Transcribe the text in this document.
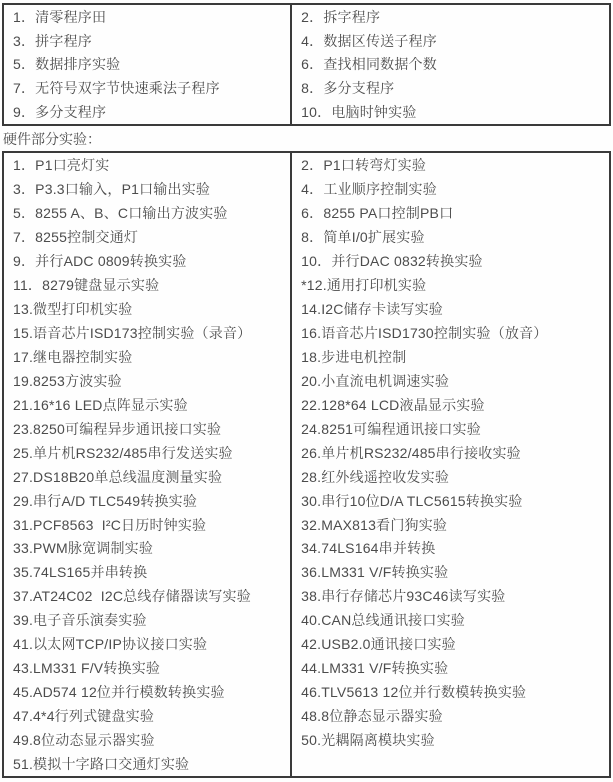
1．清零程序田	2．拆字程序
3．拼字程序	4．数据区传送子程序
5．数据排序实验	6．查找相同数据个数
7．无符号双字节快速乘法子程序	8．多分支程序
9．多分支程序	10．电脑时钟实验
硬件部分实验：
1．P1口亮灯实	2．P1口转弯灯实验
3．P3.3口输入，P1口输出实验	4．工业顺序控制实验
5．8255 A、B、C口输出方波实验	6．8255 PA口控制PB口
7．8255控制交通灯	8．简单I/0扩展实验
9．并行ADC 0809转换实验	10．并行DAC 0832转换实验
11．8279键盘显示实验	*12.通用打印机实验
13.微型打印机实验	14.I2C储存卡读写实验
15.语音芯片ISD173控制实验（录音）	16.语音芯片ISD1730控制实验（放音）
17.继电器控制实验	18.步进电机控制
19.8253方波实验	20.小直流电机调速实验
21.16*16 LED点阵显示实验	22.128*64 LCD液晶显示实验
23.8250可编程异步通讯接口实验	24.8251可编程通讯接口实验
25.单片机RS232/485串行发送实验	26.单片机RS232/485串行接收实验
27.DS18B20单总线温度测量实验	28.红外线遥控收发实验
29.串行A/D TLC549转换实验	30.串行10位D/A TLC5615转换实验
31.PCF8563  I²C日历时钟实验	32.MAX813看门狗实验
33.PWM脉宽调制实验	34.74LS164串并转换
35.74LS165并串转换	36.LM331 V/F转换实验
37.AT24C02  I2C总线存储器读写实验	38.串行存储芯片93C46读写实验
39.电子音乐演奏实验	40.CAN总线通讯接口实验
41.以太网TCP/IP协议接口实验	42.USB2.0通讯接口实验
43.LM331 F/V转换实验	44.LM331 V/F转换实验
45.AD574 12位并行模数转换实验	46.TLV5613 12位并行数模转换实验
47.4*4行列式键盘实验	48.8位静态显示器实验
49.8位动态显示器实验	50.光耦隔离模块实验
51.模拟十字路口交通灯实验
